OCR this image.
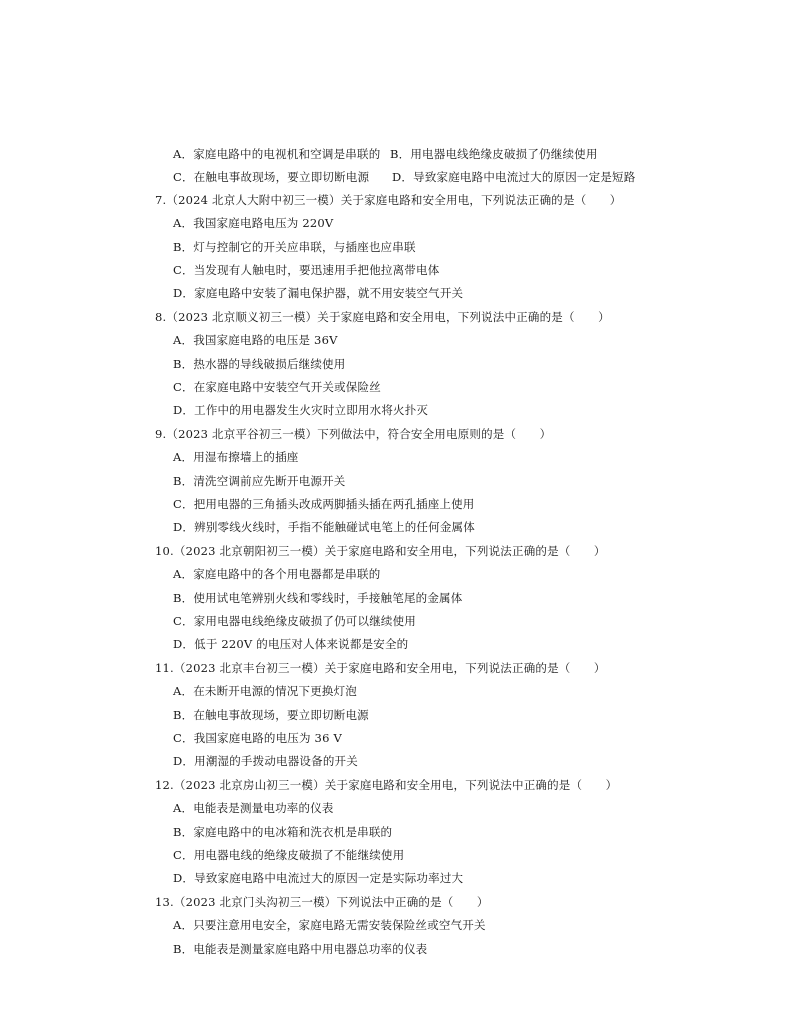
A．家庭电路中的电视机和空调是串联的 B．用电器电线绝缘皮破损了仍继续使用
C．在触电事故现场，要立即切断电源 D．导致家庭电路中电流过大的原因一定是短路
7.（2024 北京人大附中初三一模）关于家庭电路和安全用电，下列说法正确的是（　　）
A．我国家庭电路电压为 220V
B．灯与控制它的开关应串联，与插座也应串联
C．当发现有人触电时，要迅速用手把他拉离带电体
D．家庭电路中安装了漏电保护器，就不用安装空气开关
8.（2023 北京顺义初三一模）关于家庭电路和安全用电，下列说法中正确的是（　　）
A．我国家庭电路的电压是 36V
B．热水器的导线破损后继续使用
C．在家庭电路中安装空气开关或保险丝
D．工作中的用电器发生火灾时立即用水将火扑灭
9.（2023 北京平谷初三一模）下列做法中，符合安全用电原则的是（　　）
A．用湿布擦墙上的插座
B．清洗空调前应先断开电源开关
C．把用电器的三角插头改成两脚插头插在两孔插座上使用
D．辨别零线火线时，手指不能触碰试电笔上的任何金属体
10.（2023 北京朝阳初三一模）关于家庭电路和安全用电，下列说法正确的是（　　）
A．家庭电路中的各个用电器都是串联的
B．使用试电笔辨别火线和零线时，手接触笔尾的金属体
C．家用电器电线绝缘皮破损了仍可以继续使用
D．低于 220V 的电压对人体来说都是安全的
11.（2023 北京丰台初三一模）关于家庭电路和安全用电，下列说法正确的是（　　）
A．在未断开电源的情况下更换灯泡
B．在触电事故现场，要立即切断电源
C．我国家庭电路的电压为 36 V
D．用潮湿的手拨动电器设备的开关
12.（2023 北京房山初三一模）关于家庭电路和安全用电，下列说法中正确的是（　　）
A．电能表是测量电功率的仪表
B．家庭电路中的电冰箱和洗衣机是串联的
C．用电器电线的绝缘皮破损了不能继续使用
D．导致家庭电路中电流过大的原因一定是实际功率过大
13.（2023 北京门头沟初三一模）下列说法中正确的是（　　）
A．只要注意用电安全，家庭电路无需安装保险丝或空气开关
B．电能表是测量家庭电路中用电器总功率的仪表
